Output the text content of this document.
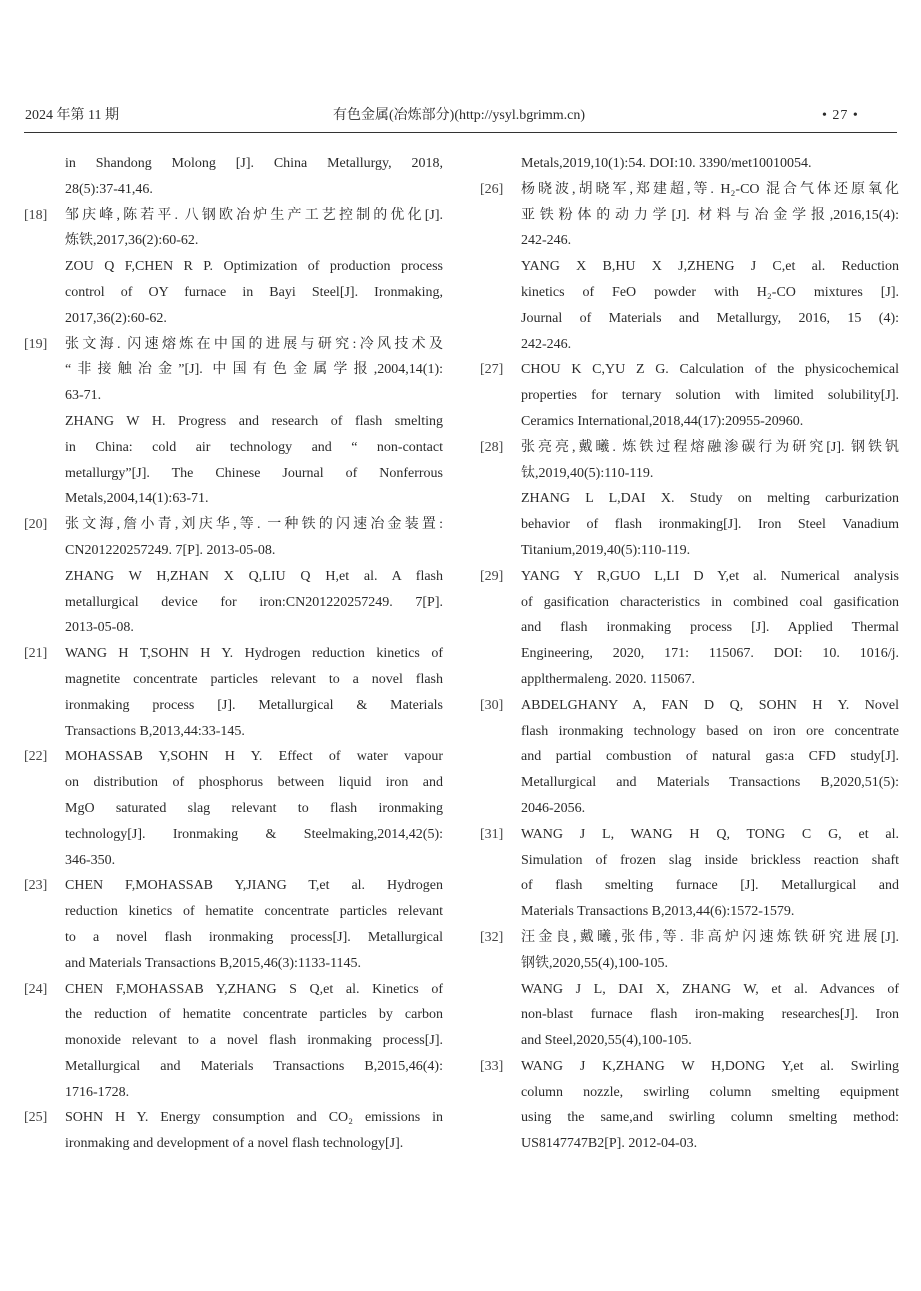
2024 年第 11 期	有色金属(冶炼部分)(http://ysyl.bgrimm.cn)	• 27 •
in Shandong Molong [J]. China Metallurgy, 2018,
28(5):37-41,46.
[18] 邹庆峰,陈若平. 八钢欧冶炉生产工艺控制的优化[J].
炼铁,2017,36(2):60-62.
ZOU Q F,CHEN R P. Optimization of production process
control of OY furnace in Bayi Steel[J]. Ironmaking,
2017,36(2):60-62.
[19] 张文海. 闪速熔炼在中国的进展与研究:冷风技术及
“非接触冶金”[J]. 中国有色金属学报,2004,14(1):
63-71.
ZHANG W H. Progress and research of flash smelting
in China: cold air technology and “ non-contact
metallurgy”[J]. The Chinese Journal of Nonferrous
Metals,2004,14(1):63-71.
[20] 张文海,詹小青,刘庆华,等. 一种铁的闪速冶金装置:
CN201220257249. 7[P]. 2013-05-08.
ZHANG W H,ZHAN X Q,LIU Q H,et al. A flash
metallurgical device for iron:CN201220257249. 7[P].
2013-05-08.
[21] WANG H T,SOHN H Y. Hydrogen reduction kinetics of
magnetite concentrate particles relevant to a novel flash
ironmaking process [J]. Metallurgical & Materials
Transactions B,2013,44:33-145.
[22] MOHASSAB Y,SOHN H Y. Effect of water vapour
on distribution of phosphorus between liquid iron and
MgO saturated slag relevant to flash ironmaking
technology[J]. Ironmaking & Steelmaking,2014,42(5):
346-350.
[23] CHEN F,MOHASSAB Y,JIANG T,et al. Hydrogen
reduction kinetics of hematite concentrate particles relevant
to a novel flash ironmaking process[J]. Metallurgical
and Materials Transactions B,2015,46(3):1133-1145.
[24] CHEN F,MOHASSAB Y,ZHANG S Q,et al. Kinetics of
the reduction of hematite concentrate particles by carbon
monoxide relevant to a novel flash ironmaking process[J].
Metallurgical and Materials Transactions B,2015,46(4):
1716-1728.
[25] SOHN H Y. Energy consumption and CO₂ emissions in
ironmaking and development of a novel flash technology[J].
Metals,2019,10(1):54. DOI:10. 3390/met10010054.
[26] 杨晓波,胡晓军,郑建超,等. H₂-CO 混合气体还原氧化
亚铁粉体的动力学[J]. 材料与冶金学报,2016,15(4):
242-246.
YANG X B,HU X J,ZHENG J C,et al. Reduction
kinetics of FeO powder with H₂-CO mixtures [J].
Journal of Materials and Metallurgy, 2016, 15 (4):
242-246.
[27] CHOU K C,YU Z G. Calculation of the physicochemical
properties for ternary solution with limited solubility[J].
Ceramics International,2018,44(17):20955-20960.
[28] 张亮亮,戴曦. 炼铁过程熔融渗碳行为研究[J]. 钢铁钒
钛,2019,40(5):110-119.
ZHANG L L,DAI X. Study on melting carburization
behavior of flash ironmaking[J]. Iron Steel Vanadium
Titanium,2019,40(5):110-119.
[29] YANG Y R,GUO L,LI D Y,et al. Numerical analysis
of gasification characteristics in combined coal gasification
and flash ironmaking process [J]. Applied Thermal
Engineering, 2020, 171: 115067. DOI: 10. 1016/j.
applthermaleng. 2020. 115067.
[30] ABDELGHANY A, FAN D Q, SOHN H Y. Novel
flash ironmaking technology based on iron ore concentrate
and partial combustion of natural gas:a CFD study[J].
Metallurgical and Materials Transactions B,2020,51(5):
2046-2056.
[31] WANG J L, WANG H Q, TONG C G, et al.
Simulation of frozen slag inside brickless reaction shaft
of flash smelting furnace [J]. Metallurgical and
Materials Transactions B,2013,44(6):1572-1579.
[32] 汪金良,戴曦,张伟,等. 非高炉闪速炼铁研究进展[J].
钢铁,2020,55(4),100-105.
WANG J L, DAI X, ZHANG W, et al. Advances of
non-blast furnace flash iron-making researches[J]. Iron
and Steel,2020,55(4),100-105.
[33] WANG J K,ZHANG W H,DONG Y,et al. Swirling
column nozzle, swirling column smelting equipment
using the same,and swirling column smelting method:
US8147747B2[P]. 2012-04-03.
